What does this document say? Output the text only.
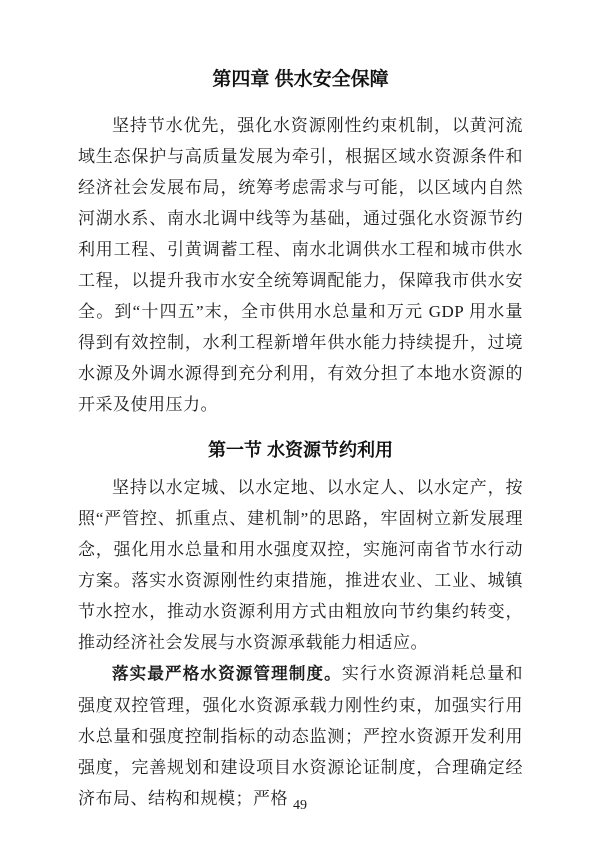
第四章 供水安全保障

坚持节水优先，强化水资源刚性约束机制，以黄河流域生态保护与高质量发展为牵引，根据区域水资源条件和经济社会发展布局，统筹考虑需求与可能，以区域内自然河湖水系、南水北调中线等为基础，通过强化水资源节约利用工程、引黄调蓄工程、南水北调供水工程和城市供水工程，以提升我市水安全统筹调配能力，保障我市供水安全。到“十四五”末，全市供用水总量和万元 GDP 用水量得到有效控制，水利工程新增年供水能力持续提升，过境水源及外调水源得到充分利用，有效分担了本地水资源的开采及使用压力。

第一节 水资源节约利用

坚持以水定城、以水定地、以水定人、以水定产，按照“严管控、抓重点、建机制”的思路，牢固树立新发展理念，强化用水总量和用水强度双控，实施河南省节水行动方案。落实水资源刚性约束措施，推进农业、工业、城镇节水控水，推动水资源利用方式由粗放向节约集约转变，推动经济社会发展与水资源承载能力相适应。

落实最严格水资源管理制度。实行水资源消耗总量和强度双控管理，强化水资源承载力刚性约束，加强实行用水总量和强度控制指标的动态监测；严控水资源开发利用强度，完善规划和建设项目水资源论证制度，合理确定经济布局、结构和规模；严格 49
